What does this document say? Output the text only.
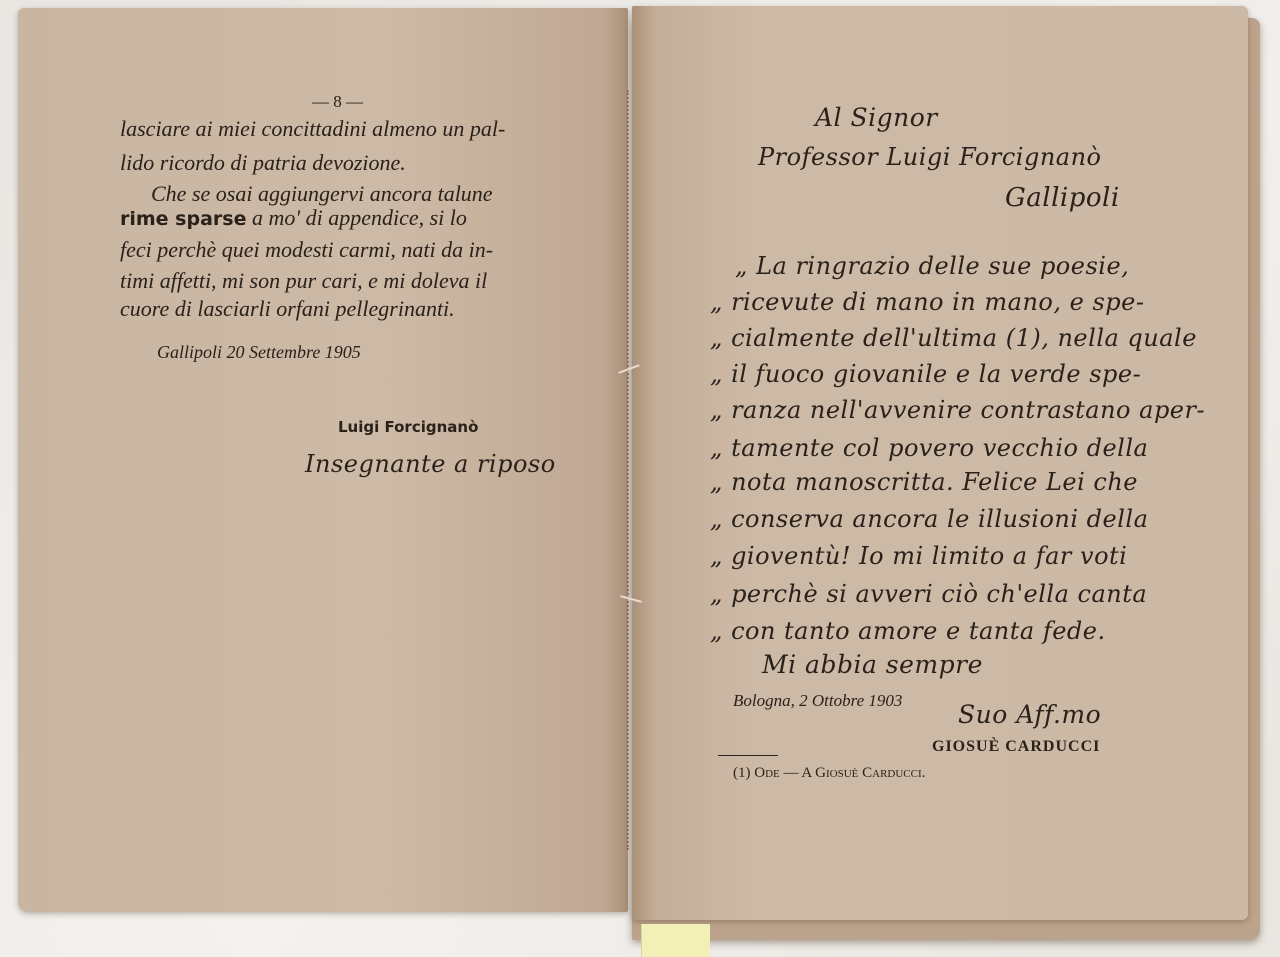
— 8 —
lasciare ai miei concittadini almeno un pal-
lido ricordo di patria devozione.
Che se osai aggiungervi ancora talune
rime sparse a mo' di appendice, si lo
feci perchè quei modesti carmi, nati da in-
timi affetti, mi son pur cari, e mi doleva il
cuore di lasciarli orfani pellegrinanti.
Gallipoli 20 Settembre 1905
Luigi Forcignanò
Insegnante a riposo
Al Signor
Professor Luigi Forcignanò
Gallipoli
„ La ringrazio delle sue poesie,
„ ricevute di mano in mano, e spe-
„ cialmente dell'ultima (1), nella quale
„ il fuoco giovanile e la verde spe-
„ ranza nell'avvenire contrastano aper-
„ tamente col povero vecchio della
„ nota manoscritta. Felice Lei che
„ conserva ancora le illusioni della
„ gioventù! Io mi limito a far voti
„ perchè si avveri ciò ch'ella canta
„ con tanto amore e tanta fede.
Mi abbia sempre
Bologna, 2 Ottobre 1903 Suo Aff.mo
GIOSUÈ CARDUCCI
(1) Ode — A Giosuè Carducci.
